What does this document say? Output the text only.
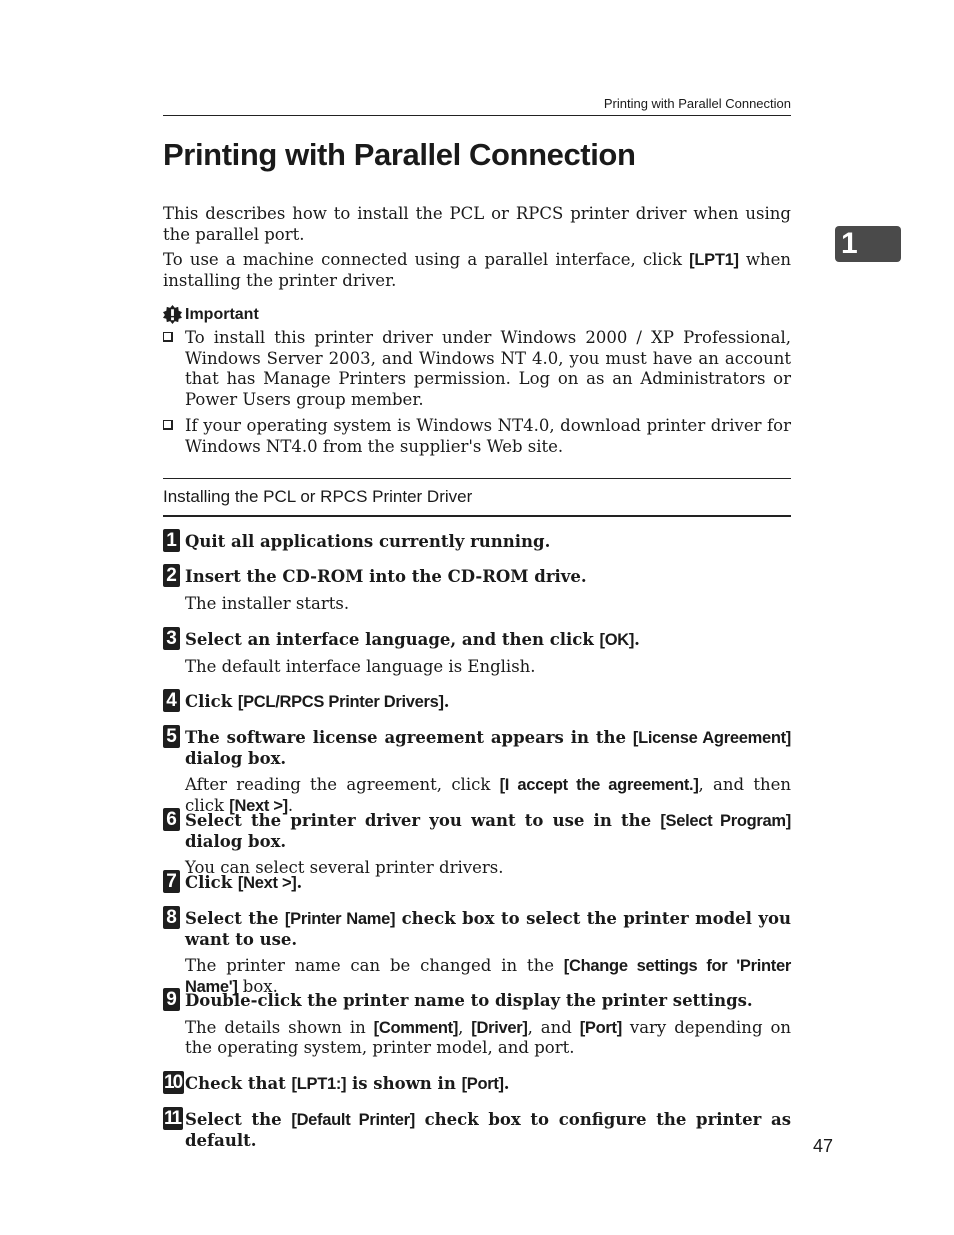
Printing with Parallel Connection
Printing with Parallel Connection
1

This describes how to install the PCL or RPCS printer driver when using the parallel port.

To use a machine connected using a parallel interface, click [LPT1] when installing the printer driver.

Important
To install this printer driver under Windows 2000 / XP Professional, Windows Server 2003, and Windows NT 4.0, you must have an account that has Manage Printers permission. Log on as an Administrators or Power Users group member.
If your operating system is Windows NT4.0, download printer driver for Windows NT4.0 from the supplier's Web site.
Installing the PCL or RPCS Printer Driver
1 Quit all applications currently running.
2 Insert the CD-ROM into the CD-ROM drive.
The installer starts.
3 Select an interface language, and then click [OK].
The default interface language is English.
4 Click [PCL/RPCS Printer Drivers].
5 The software license agreement appears in the [License Agreement] dialog box.
After reading the agreement, click [I accept the agreement.], and then click [Next >].
6 Select the printer driver you want to use in the [Select Program] dialog box.
You can select several printer drivers.
7 Click [Next >].
8 Select the [Printer Name] check box to select the printer model you want to use.
The printer name can be changed in the [Change settings for 'Printer Name'] box.
9 Double-click the printer name to display the printer settings.
The details shown in [Comment], [Driver], and [Port] vary depending on the operating system, printer model, and port.
10 Check that [LPT1:] is shown in [Port].
11 Select the [Default Printer] check box to configure the printer as default.	47
